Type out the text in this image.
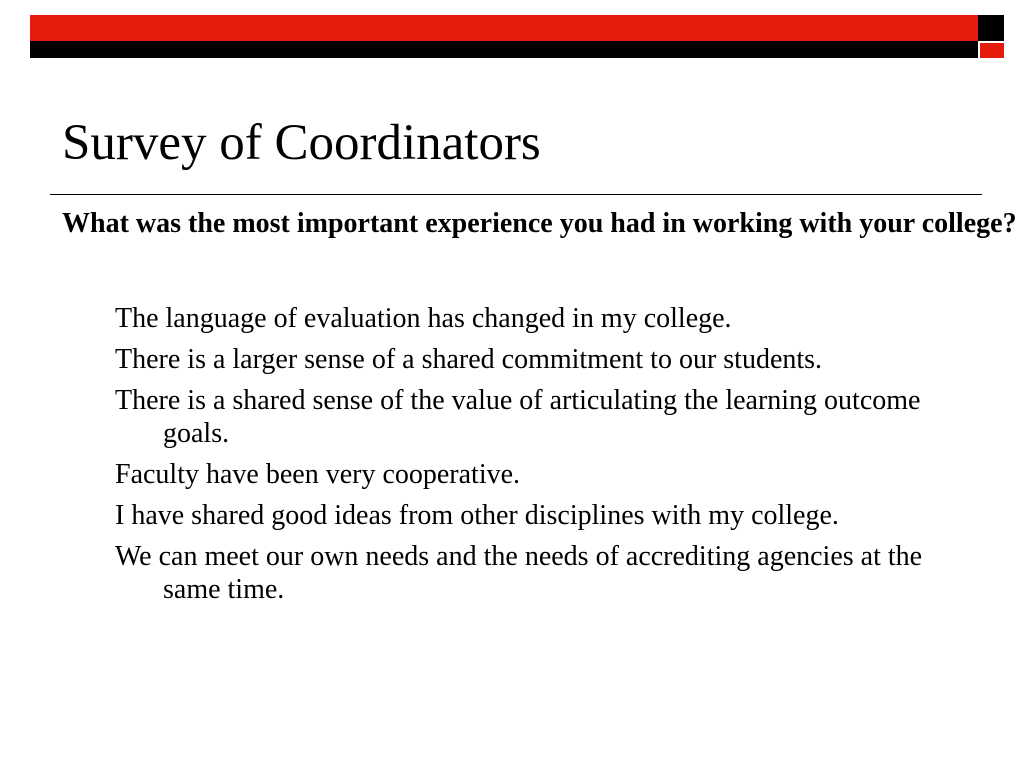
Survey of Coordinators

What was the most important experience you had in working with your college?

The language of evaluation has changed in my college.
There is a larger sense of a shared commitment to our students.
There is a shared sense of the value of articulating the learning outcome goals.
Faculty have been very cooperative.
I have shared good ideas from other disciplines with my college.
We can meet our own needs and the needs of accrediting agencies at the same time.
